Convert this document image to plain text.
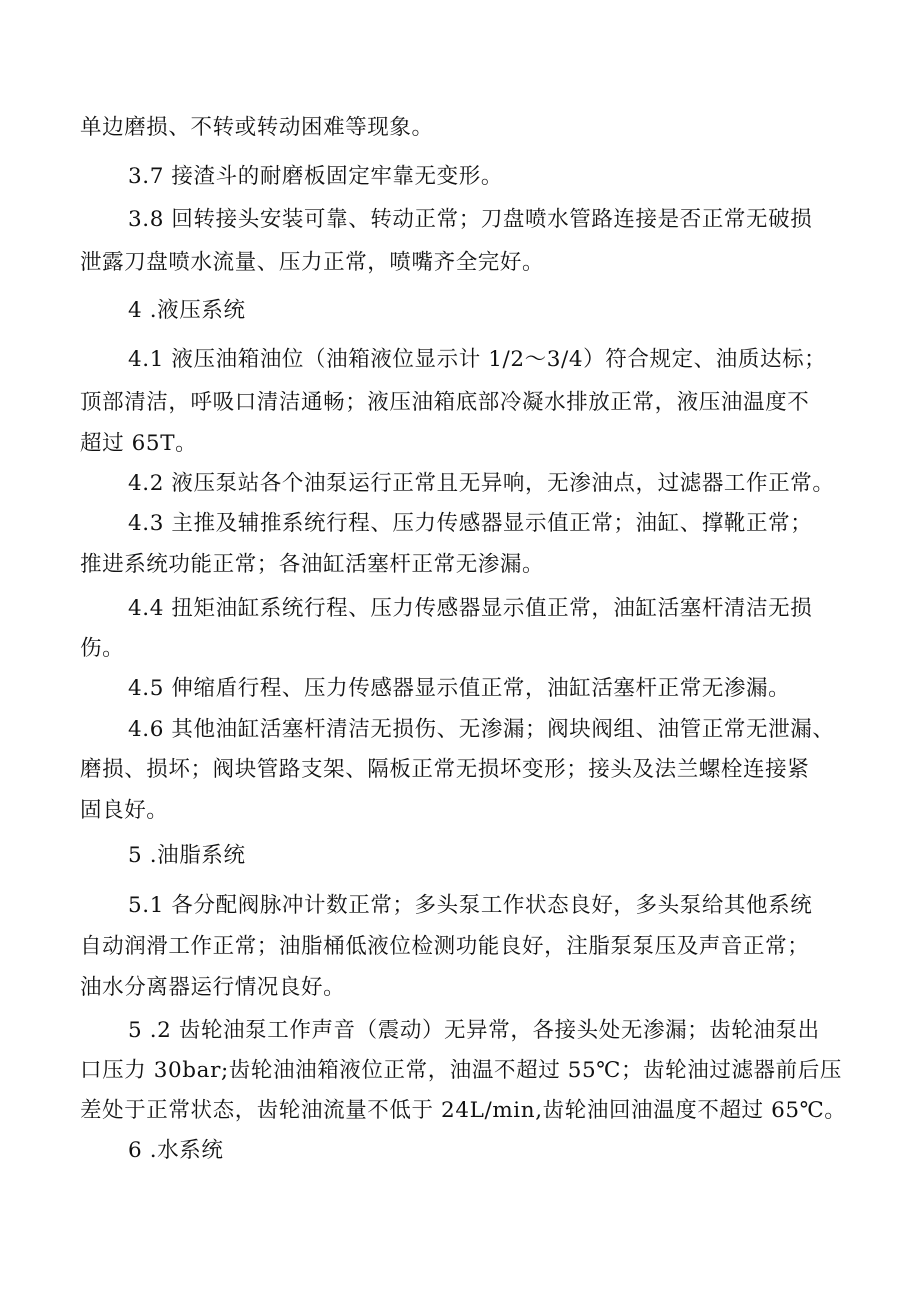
单边磨损、不转或转动困难等现象。
3.7 接渣斗的耐磨板固定牢靠无变形。
3.8 回转接头安装可靠、转动正常；刀盘喷水管路连接是否正常无破损
泄露刀盘喷水流量、压力正常，喷嘴齐全完好。
4 .液压系统
4.1 液压油箱油位（油箱液位显示计 1/2～3/4）符合规定、油质达标；
顶部清洁，呼吸口清洁通畅；液压油箱底部冷凝水排放正常，液压油温度不
超过 65T。
4.2 液压泵站各个油泵运行正常且无异响，无渗油点，过滤器工作正常。
4.3 主推及辅推系统行程、压力传感器显示值正常；油缸、撑靴正常；
推进系统功能正常；各油缸活塞杆正常无渗漏。
4.4 扭矩油缸系统行程、压力传感器显示值正常，油缸活塞杆清洁无损
伤。
4.5 伸缩盾行程、压力传感器显示值正常，油缸活塞杆正常无渗漏。
4.6 其他油缸活塞杆清洁无损伤、无渗漏；阀块阀组、油管正常无泄漏、
磨损、损坏；阀块管路支架、隔板正常无损坏变形；接头及法兰螺栓连接紧
固良好。
5 .油脂系统
5.1 各分配阀脉冲计数正常；多头泵工作状态良好，多头泵给其他系统
自动润滑工作正常；油脂桶低液位检测功能良好，注脂泵泵压及声音正常；
油水分离器运行情况良好。
5 .2 齿轮油泵工作声音（震动）无异常，各接头处无渗漏；齿轮油泵出
口压力 30bar;齿轮油油箱液位正常，油温不超过 55℃；齿轮油过滤器前后压
差处于正常状态，齿轮油流量不低于 24L/min,齿轮油回油温度不超过 65℃。
6 .水系统
